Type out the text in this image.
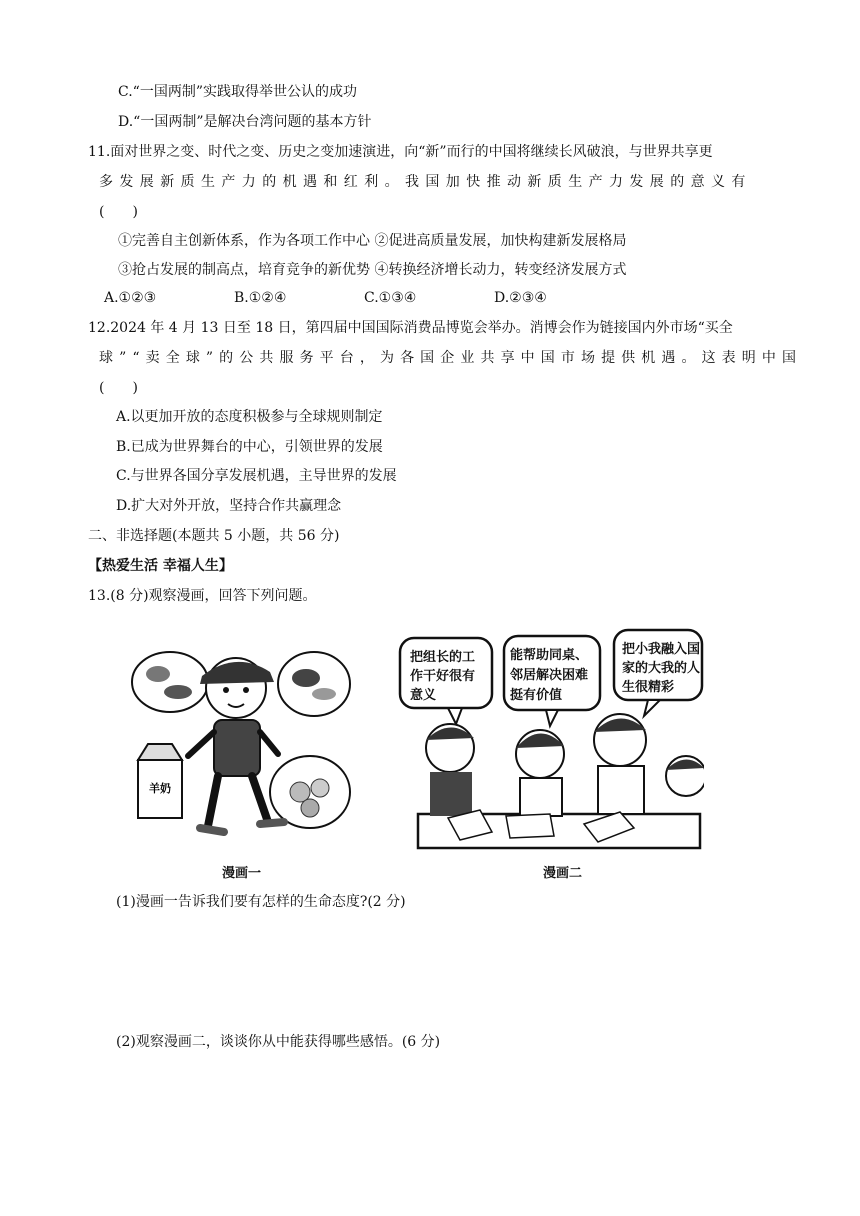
C.“一国两制”实践取得举世公认的成功
D.“一国两制”是解决台湾问题的基本方针
11.面对世界之变、时代之变、历史之变加速演进，向“新”而行的中国将继续长风破浪，与世界共享更
多发展新质生产力的机遇和红利。我国加快推动新质生产力发展的意义有
(　　)
①完善自主创新体系，作为各项工作中心 ②促进高质量发展，加快构建新发展格局
③抢占发展的制高点，培育竞争的新优势 ④转换经济增长动力，转变经济发展方式
A.①②③	B.①②④	C.①③④	D.②③④
12.2024 年 4 月 13 日至 18 日，第四届中国国际消费品博览会举办。消博会作为链接国内外市场“买全
球”“卖全球”的公共服务平台，为各国企业共享中国市场提供机遇。这表明中国
(　　)
A.以更加开放的态度积极参与全球规则制定
B.已成为世界舞台的中心，引领世界的发展
C.与世界各国分享发展机遇，主导世界的发展
D.扩大对外开放，坚持合作共赢理念
二、非选择题(本题共 5 小题，共 56 分)
【热爱生活 幸福人生】
13.(8 分)观察漫画，回答下列问题。
羊奶
漫画一
把组长的工
作干好很有
意义
能帮助同桌、
邻居解决困难
挺有价值
把小我融入国
家的大我的人
生很精彩
漫画二
(1)漫画一告诉我们要有怎样的生命态度?(2 分)
(2)观察漫画二，谈谈你从中能获得哪些感悟。(6 分)
